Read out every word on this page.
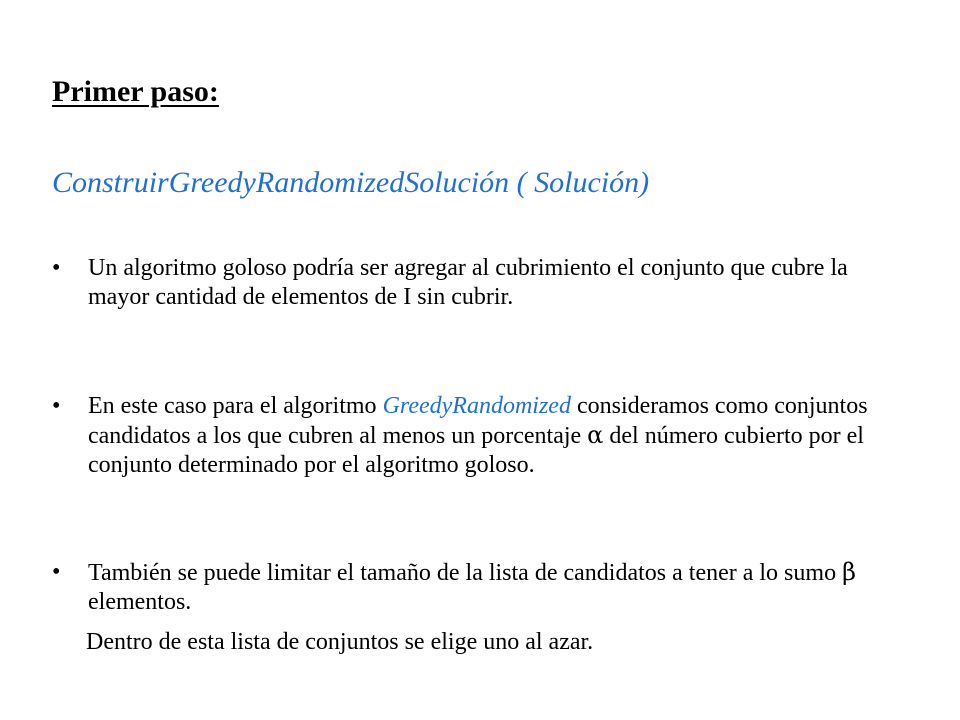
Primer paso:
ConstruirGreedyRandomizedSolución ( Solución)
•	Un algoritmo goloso podría ser agregar al cubrimiento el conjunto que cubre la mayor cantidad de elementos de I sin cubrir.
•	En este caso para el algoritmo GreedyRandomized consideramos como conjuntos candidatos a los que cubren al menos un porcentaje α del número cubierto por el conjunto determinado por el algoritmo goloso.
•	También se puede limitar el tamaño de la lista de candidatos a tener a lo sumo β elementos.
Dentro de esta lista de conjuntos se elige uno al azar.
